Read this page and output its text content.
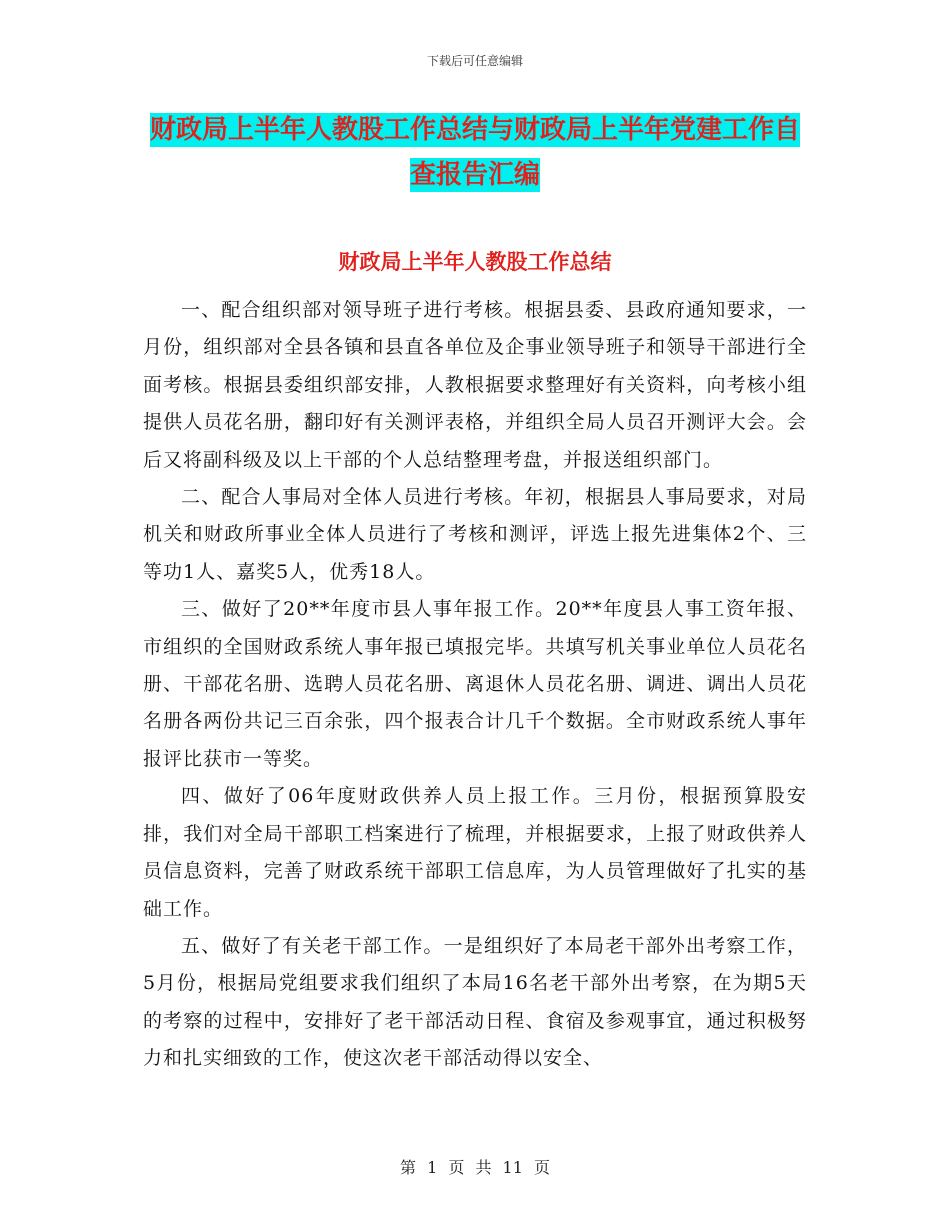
下载后可任意编辑
财政局上半年人教股工作总结与财政局上半年党建工作自查报告汇编
财政局上半年人教股工作总结

一、配合组织部对领导班子进行考核。根据县委、县政府通知要求，一月份，组织部对全县各镇和县直各单位及企事业领导班子和领导干部进行全面考核。根据县委组织部安排，人教根据要求整理好有关资料，向考核小组提供人员花名册，翻印好有关测评表格，并组织全局人员召开测评大会。会后又将副科级及以上干部的个人总结整理考盘，并报送组织部门。

二、配合人事局对全体人员进行考核。年初，根据县人事局要求，对局机关和财政所事业全体人员进行了考核和测评，评选上报先进集体2个、三等功1人、嘉奖5人，优秀18人。

三、做好了20**年度市县人事年报工作。20**年度县人事工资年报、市组织的全国财政系统人事年报已填报完毕。共填写机关事业单位人员花名册、干部花名册、选聘人员花名册、离退休人员花名册、调进、调出人员花名册各两份共记三百余张，四个报表合计几千个数据。全市财政系统人事年报评比获市一等奖。

四、做好了06年度财政供养人员上报工作。三月份，根据预算股安排，我们对全局干部职工档案进行了梳理，并根据要求，上报了财政供养人员信息资料，完善了财政系统干部职工信息库，为人员管理做好了扎实的基础工作。

五、做好了有关老干部工作。一是组织好了本局老干部外出考察工作，5月份，根据局党组要求我们组织了本局16名老干部外出考察，在为期5天的考察的过程中，安排好了老干部活动日程、食宿及参观事宜，通过积极努力和扎实细致的工作，使这次老干部活动得以安全、

第 1 页 共 11 页
